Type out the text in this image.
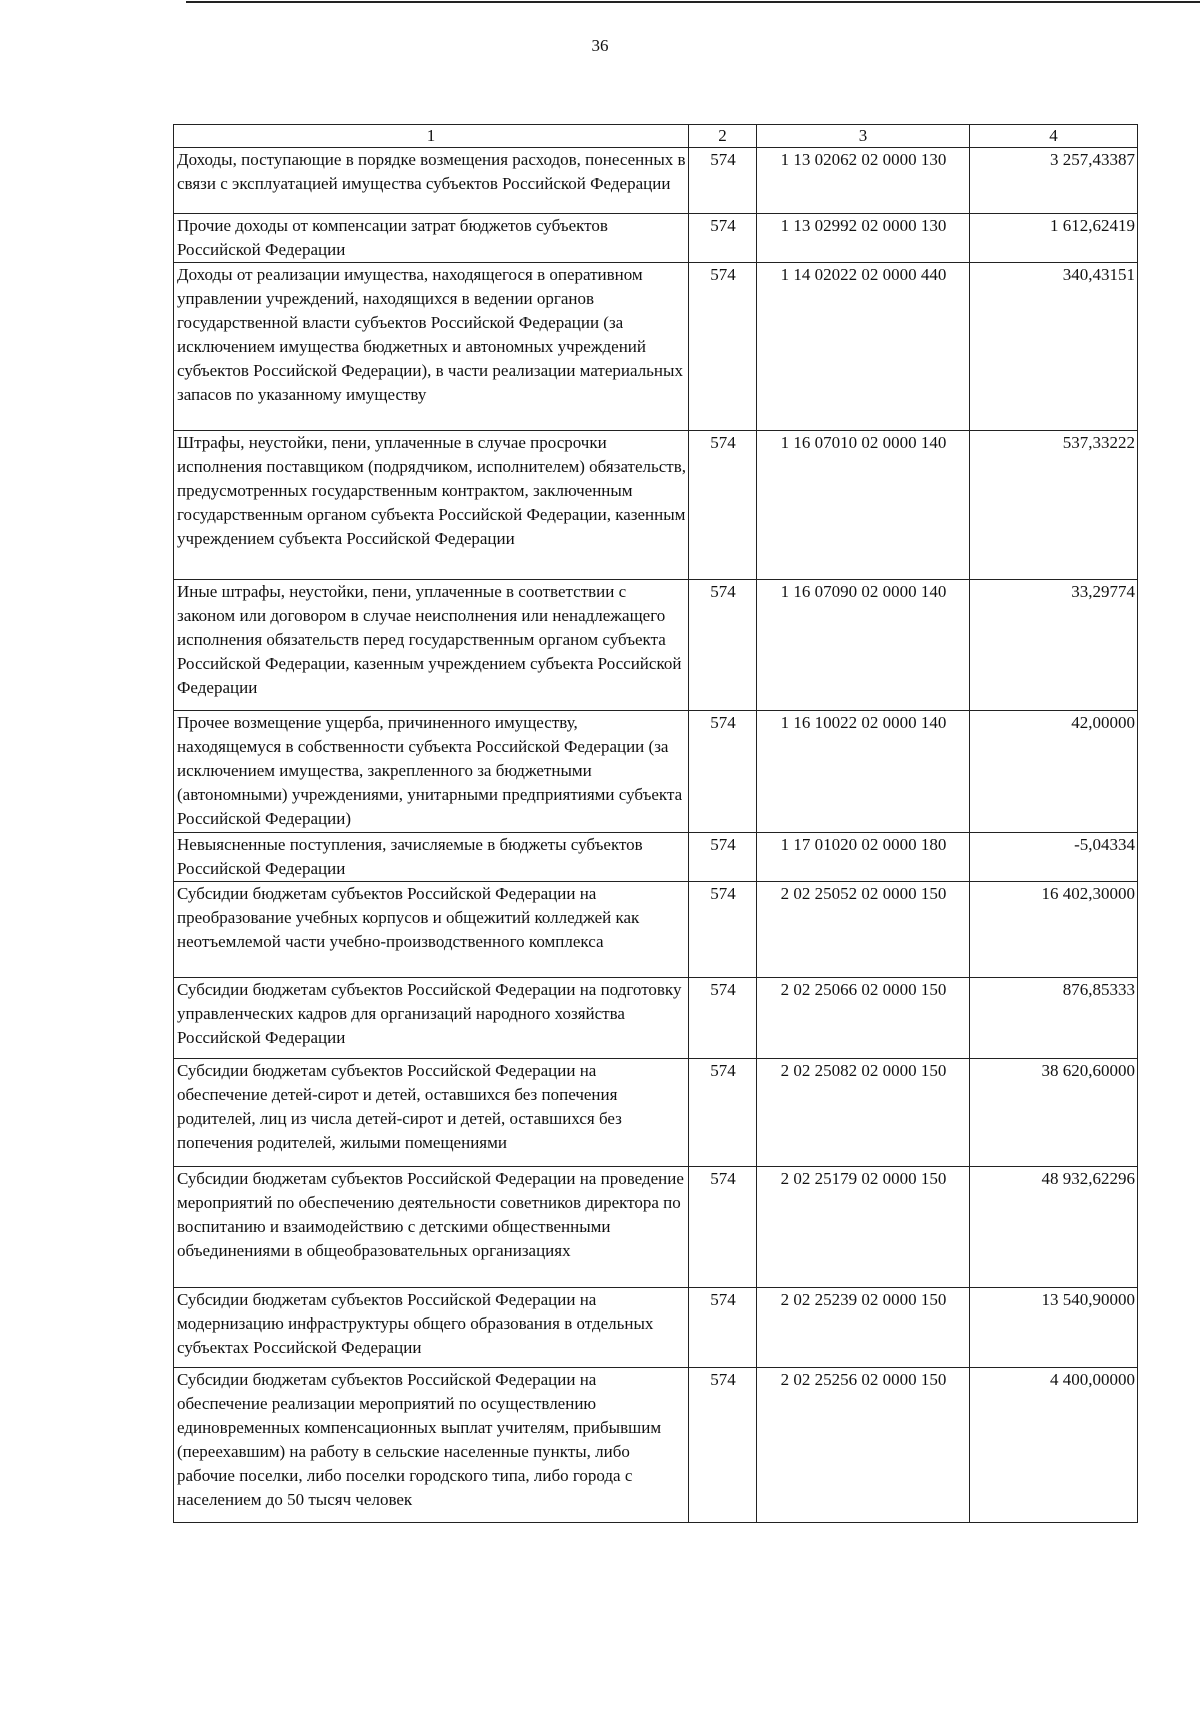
36
1	2	3	4
Доходы, поступающие в порядке возмещения расходов, понесенных в связи с эксплуатацией имущества субъектов Российской Федерации	574	1 13 02062 02 0000 130	3 257,43387
Прочие доходы от компенсации затрат бюджетов субъектов Российской Федерации	574	1 13 02992 02 0000 130	1 612,62419
Доходы от реализации имущества, находящегося в оперативном управлении учреждений, находящихся в ведении органов государственной власти субъектов Российской Федерации (за исключением имущества бюджетных и автономных учреждений субъектов Российской Федерации), в части реализации материальных запасов по указанному имуществу	574	1 14 02022 02 0000 440	340,43151
Штрафы, неустойки, пени, уплаченные в случае просрочки исполнения поставщиком (подрядчиком, исполнителем) обязательств, предусмотренных государственным контрактом, заключенным государственным органом субъекта Российской Федерации, казенным учреждением субъекта Российской Федерации	574	1 16 07010 02 0000 140	537,33222
Иные штрафы, неустойки, пени, уплаченные в соответствии с законом или договором в случае неисполнения или ненадлежащего исполнения обязательств перед государственным органом субъекта Российской Федерации, казенным учреждением субъекта Российской Федерации	574	1 16 07090 02 0000 140	33,29774
Прочее возмещение ущерба, причиненного имуществу, находящемуся в собственности субъекта Российской Федерации (за исключением имущества, закрепленного за бюджетными (автономными) учреждениями, унитарными предприятиями субъекта Российской Федерации)	574	1 16 10022 02 0000 140	42,00000
Невыясненные поступления, зачисляемые в бюджеты субъектов Российской Федерации	574	1 17 01020 02 0000 180	-5,04334
Субсидии бюджетам субъектов Российской Федерации на преобразование учебных корпусов и общежитий колледжей как неотъемлемой части учебно-производственного комплекса	574	2 02 25052 02 0000 150	16 402,30000
Субсидии бюджетам субъектов Российской Федерации на подготовку управленческих кадров для организаций народного хозяйства Российской Федерации	574	2 02 25066 02 0000 150	876,85333
Субсидии бюджетам субъектов Российской Федерации на обеспечение детей-сирот и детей, оставшихся без попечения родителей, лиц из числа детей-сирот и детей, оставшихся без попечения родителей, жилыми помещениями	574	2 02 25082 02 0000 150	38 620,60000
Субсидии бюджетам субъектов Российской Федерации на проведение мероприятий по обеспечению деятельности советников директора по воспитанию и взаимодействию с детскими общественными объединениями в общеобразовательных организациях	574	2 02 25179 02 0000 150	48 932,62296
Субсидии бюджетам субъектов Российской Федерации на модернизацию инфраструктуры общего образования в отдельных субъектах Российской Федерации	574	2 02 25239 02 0000 150	13 540,90000
Субсидии бюджетам субъектов Российской Федерации на обеспечение реализации мероприятий по осуществлению единовременных компенсационных выплат учителям, прибывшим (переехавшим) на работу в сельские населенные пункты, либо рабочие поселки, либо поселки городского типа, либо города с населением до 50 тысяч человек	574	2 02 25256 02 0000 150	4 400,00000
